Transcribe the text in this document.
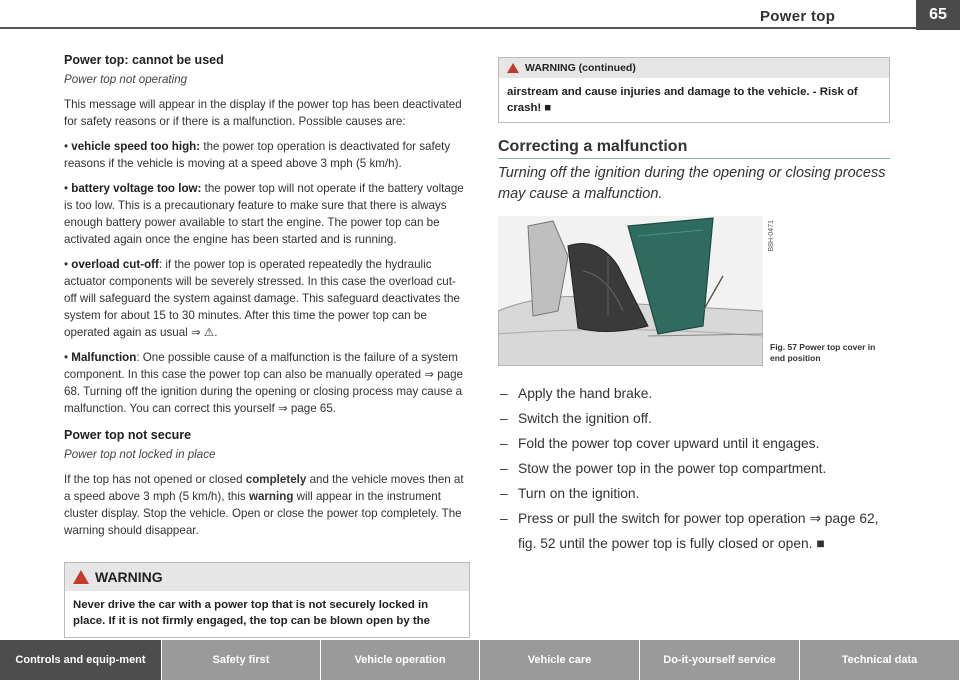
Power top	65

Power top: cannot be used

Power top not operating

This message will appear in the display if the power top has been deactivated for safety reasons or if there is a malfunction. Possible causes are:

• vehicle speed too high: the power top operation is deactivated for safety reasons if the vehicle is moving at a speed above 3 mph (5 km/h).

• battery voltage too low: the power top will not operate if the battery voltage is too low. This is a precautionary feature to make sure that there is always enough battery power available to start the engine. The power top can be activated again once the engine has been started and is running.

• overload cut-off: if the power top is operated repeatedly the hydraulic actuator components will be severely stressed. In this case the overload cut-off will safeguard the system against damage. This safeguard deactivates the system for about 15 to 30 minutes. After this time the power top can be operated again as usual ⇒ ⚠.

• Malfunction: One possible cause of a malfunction is the failure of a system component. In this case the power top can also be manually operated ⇒ page 68. Turning off the ignition during the opening or closing process may cause a malfunction. You can correct this yourself ⇒ page 65.

Power top not secure

Power top not locked in place

If the top has not opened or closed completely and the vehicle moves then at a speed above 3 mph (5 km/h), this warning will appear in the instrument cluster display. Stop the vehicle. Open or close the power top completely. The warning should disappear.

WARNING
Never drive the car with a power top that is not securely locked in place. If it is not firmly engaged, the top can be blown open by the
WARNING (continued)
airstream and cause injuries and damage to the vehicle. - Risk of crash! ■
Correcting a malfunction
Turning off the ignition during the opening or closing process may cause a malfunction.
B8H-0471
Fig. 57 Power top cover in end position
– Apply the hand brake.
– Switch the ignition off.
– Fold the power top cover upward until it engages.
– Stow the power top in the power top compartment.
– Turn on the ignition.
– Press or pull the switch for power top operation ⇒ page 62, fig. 52 until the power top is fully closed or open. ■
Controls and equip-ment	Safety first	Vehicle operation	Vehicle care	Do-it-yourself service	Technical data
